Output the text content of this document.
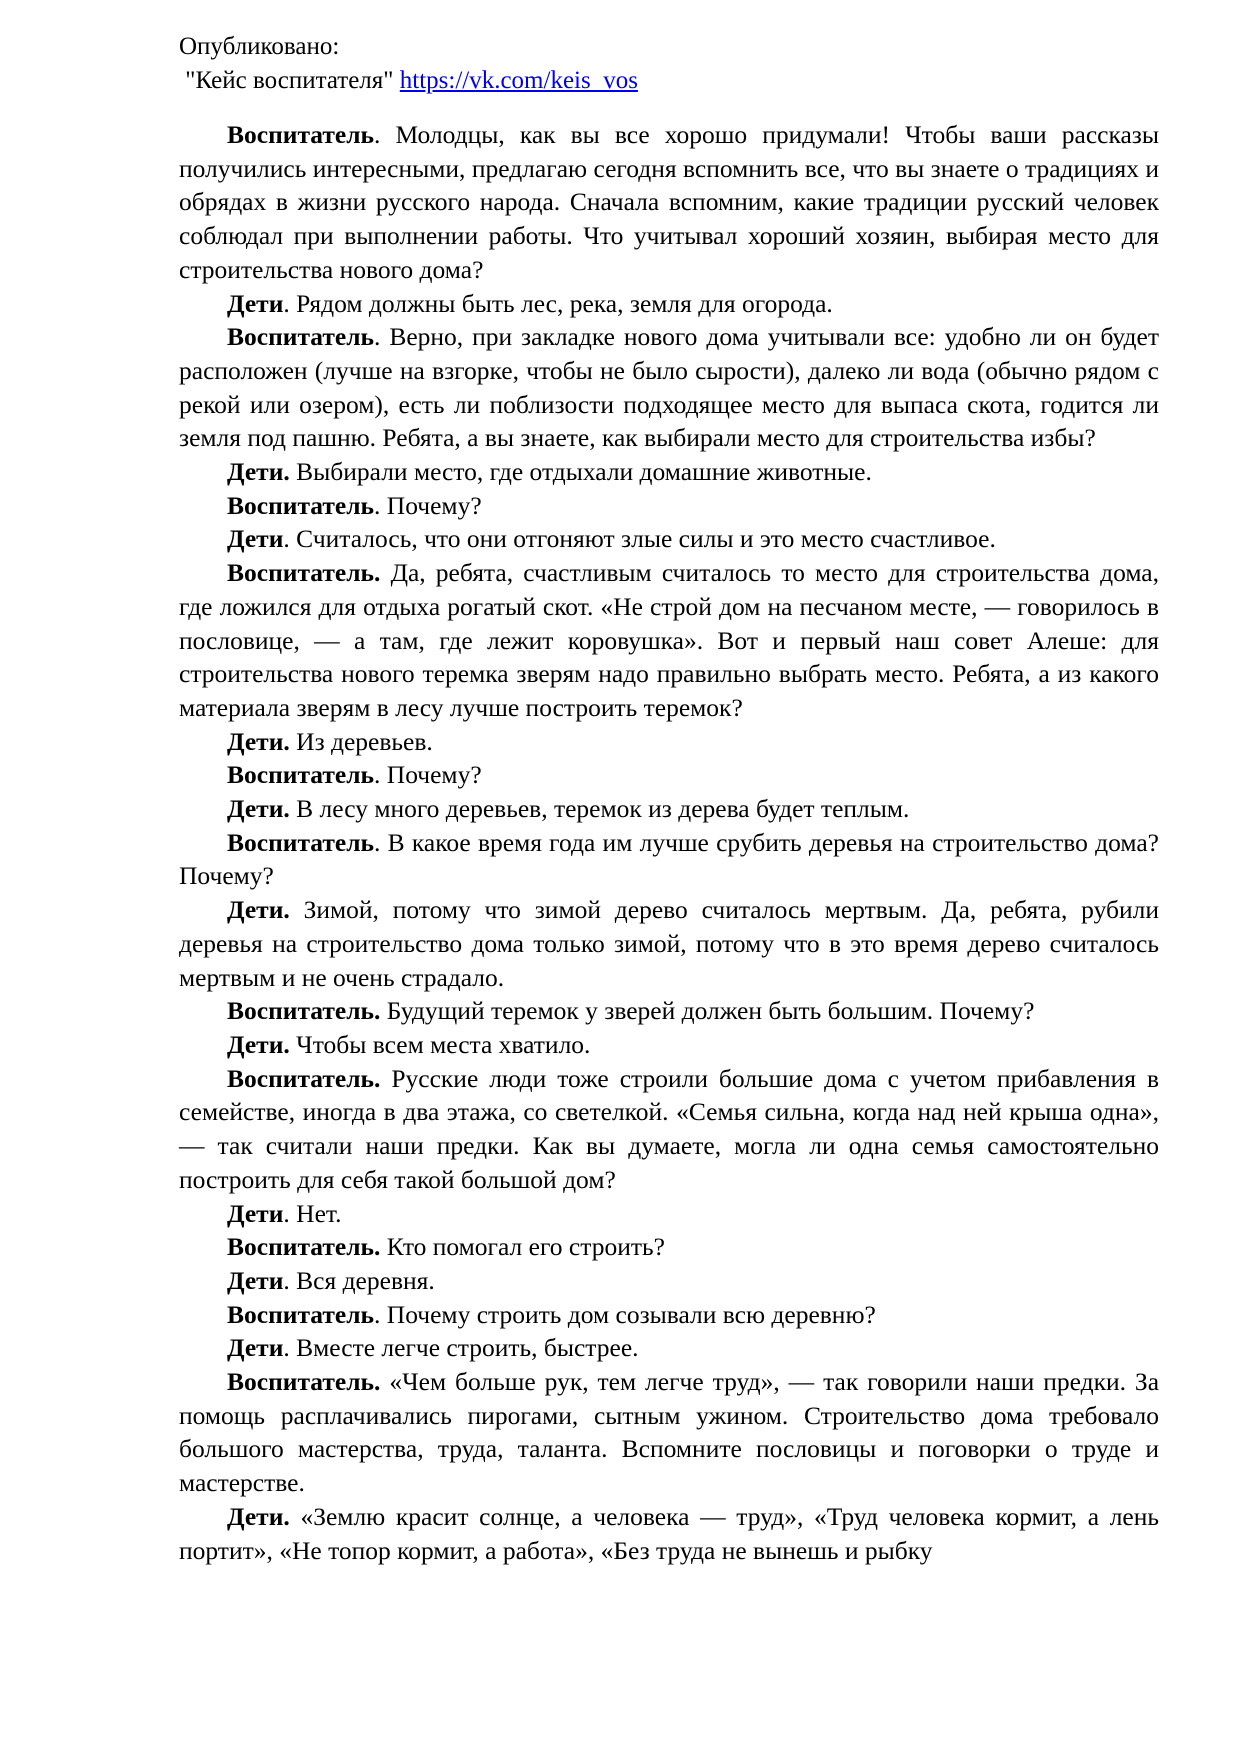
Опубликовано:
"Кейс воспитателя" https://vk.com/keis_vos

Воспитатель. Молодцы, как вы все хорошо придумали! Чтобы ваши рассказы получились интересными, предлагаю сегодня вспомнить все, что вы знаете о традициях и обрядах в жизни русского народа. Сначала вспомним, какие традиции русский человек соблюдал при выполнении работы. Что учитывал хороший хозяин, выбирая место для строительства нового дома?

Дети. Рядом должны быть лес, река, земля для огорода.

Воспитатель. Верно, при закладке нового дома учитывали все: удобно ли он будет расположен (лучше на взгорке, чтобы не было сырости), далеко ли вода (обычно рядом с рекой или озером), есть ли поблизости подходящее место для выпаса скота, годится ли земля под пашню. Ребята, а вы знаете, как выбирали место для строительства избы?

Дети. Выбирали место, где отдыхали домашние животные.

Воспитатель. Почему?

Дети. Считалось, что они отгоняют злые силы и это место счастливое.

Воспитатель. Да, ребята, счастливым считалось то место для строительства дома, где ложился для отдыха рогатый скот. «Не строй дом на песчаном месте, — говорилось в пословице, — а там, где лежит коровушка». Вот и первый наш совет Алеше: для строительства нового теремка зверям надо правильно выбрать место. Ребята, а из какого материала зверям в лесу лучше построить теремок?

Дети. Из деревьев.

Воспитатель. Почему?

Дети. В лесу много деревьев, теремок из дерева будет теплым.

Воспитатель. В какое время года им лучше срубить деревья на строительство дома? Почему?

Дети. Зимой, потому что зимой дерево считалось мертвым. Да, ребята, рубили деревья на строительство дома только зимой, потому что в это время дерево считалось мертвым и не очень страдало.

Воспитатель. Будущий теремок у зверей должен быть большим. Почему?

Дети. Чтобы всем места хватило.

Воспитатель. Русские люди тоже строили большие дома с учетом прибавления в семействе, иногда в два этажа, со светелкой. «Семья сильна, когда над ней крыша одна», — так считали наши предки. Как вы думаете, могла ли одна семья самостоятельно построить для себя такой большой дом?

Дети. Нет.

Воспитатель. Кто помогал его строить?

Дети. Вся деревня.

Воспитатель. Почему строить дом созывали всю деревню?

Дети. Вместе легче строить, быстрее.

Воспитатель. «Чем больше рук, тем легче труд», — так говорили наши предки. За помощь расплачивались пирогами, сытным ужином. Строительство дома требовало большого мастерства, труда, таланта. Вспомните пословицы и поговорки о труде и мастерстве.

Дети. «Землю красит солнце, а человека — труд», «Труд человека кормит, а лень портит», «Не топор кормит, а работа», «Без труда не вынешь и рыбку
